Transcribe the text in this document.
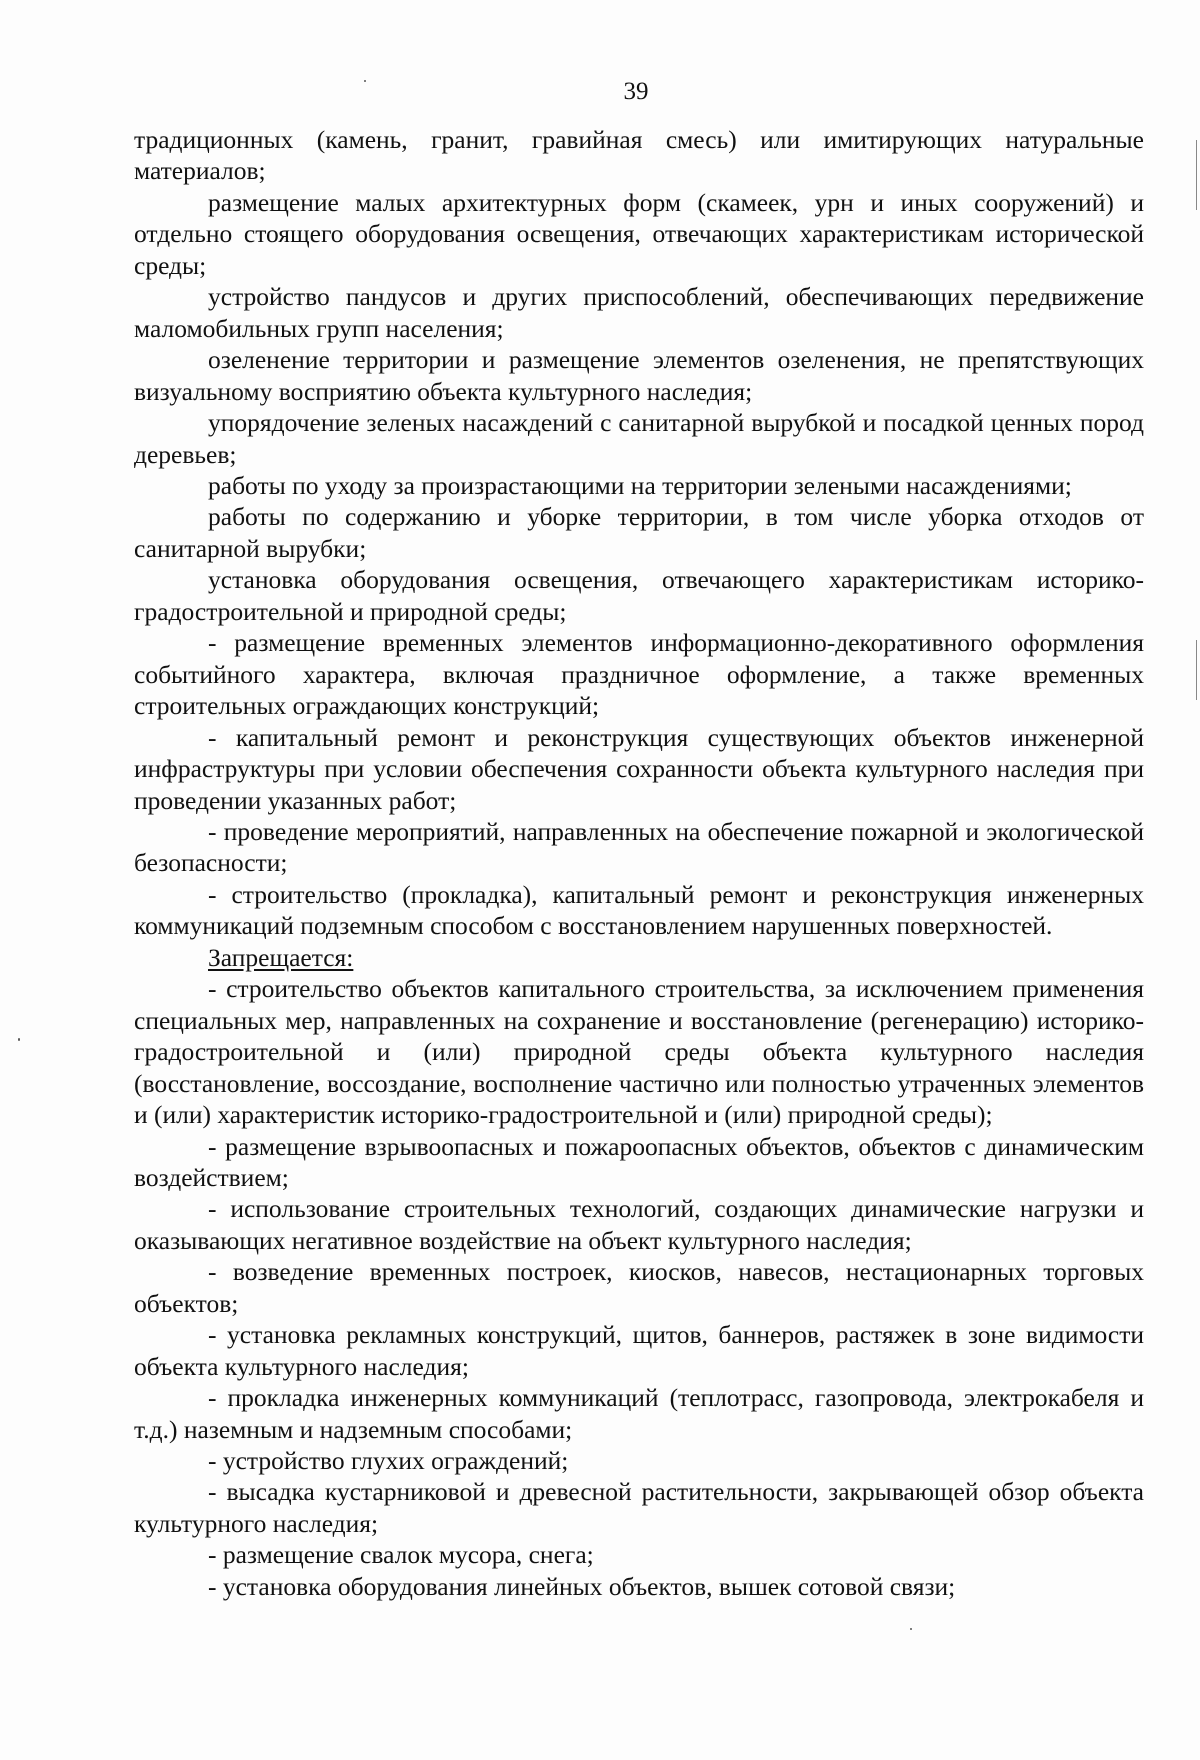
39

традиционных (камень, гранит, гравийная смесь) или имитирующих натуральные материалов;

размещение малых архитектурных форм (скамеек, урн и иных сооружений) и отдельно стоящего оборудования освещения, отвечающих характеристикам исторической среды;

устройство пандусов и других приспособлений, обеспечивающих передвижение маломобильных групп населения;

озеленение территории и размещение элементов озеленения, не препятствующих визуальному восприятию объекта культурного наследия;

упорядочение зеленых насаждений с санитарной вырубкой и посадкой ценных пород деревьев;

работы по уходу за произрастающими на территории зелеными насаждениями;

работы по содержанию и уборке территории, в том числе уборка отходов от санитарной вырубки;

установка оборудования освещения, отвечающего характеристикам историко-градостроительной и природной среды;

- размещение временных элементов информационно-декоративного оформления событийного характера, включая праздничное оформление, а также временных строительных ограждающих конструкций;

- капитальный ремонт и реконструкция существующих объектов инженерной инфраструктуры при условии обеспечения сохранности объекта культурного наследия при проведении указанных работ;

- проведение мероприятий, направленных на обеспечение пожарной и экологической безопасности;

- строительство (прокладка), капитальный ремонт и реконструкция инженерных коммуникаций подземным способом с восстановлением нарушенных поверхностей.

Запрещается:

- строительство объектов капитального строительства, за исключением применения специальных мер, направленных на сохранение и восстановление (регенерацию) историко-градостроительной и (или) природной среды объекта культурного наследия (восстановление, воссоздание, восполнение частично или полностью утраченных элементов и (или) характеристик историко-градостроительной и (или) природной среды);

- размещение взрывоопасных и пожароопасных объектов, объектов с динамическим воздействием;

- использование строительных технологий, создающих динамические нагрузки и оказывающих негативное воздействие на объект культурного наследия;

- возведение временных построек, киосков, навесов, нестационарных торговых объектов;

- установка рекламных конструкций, щитов, баннеров, растяжек в зоне видимости объекта культурного наследия;

- прокладка инженерных коммуникаций (теплотрасс, газопровода, электрокабеля и т.д.) наземным и надземным способами;

- устройство глухих ограждений;

- высадка кустарниковой и древесной растительности, закрывающей обзор объекта культурного наследия;

- размещение свалок мусора, снега;

- установка оборудования линейных объектов, вышек сотовой связи;
